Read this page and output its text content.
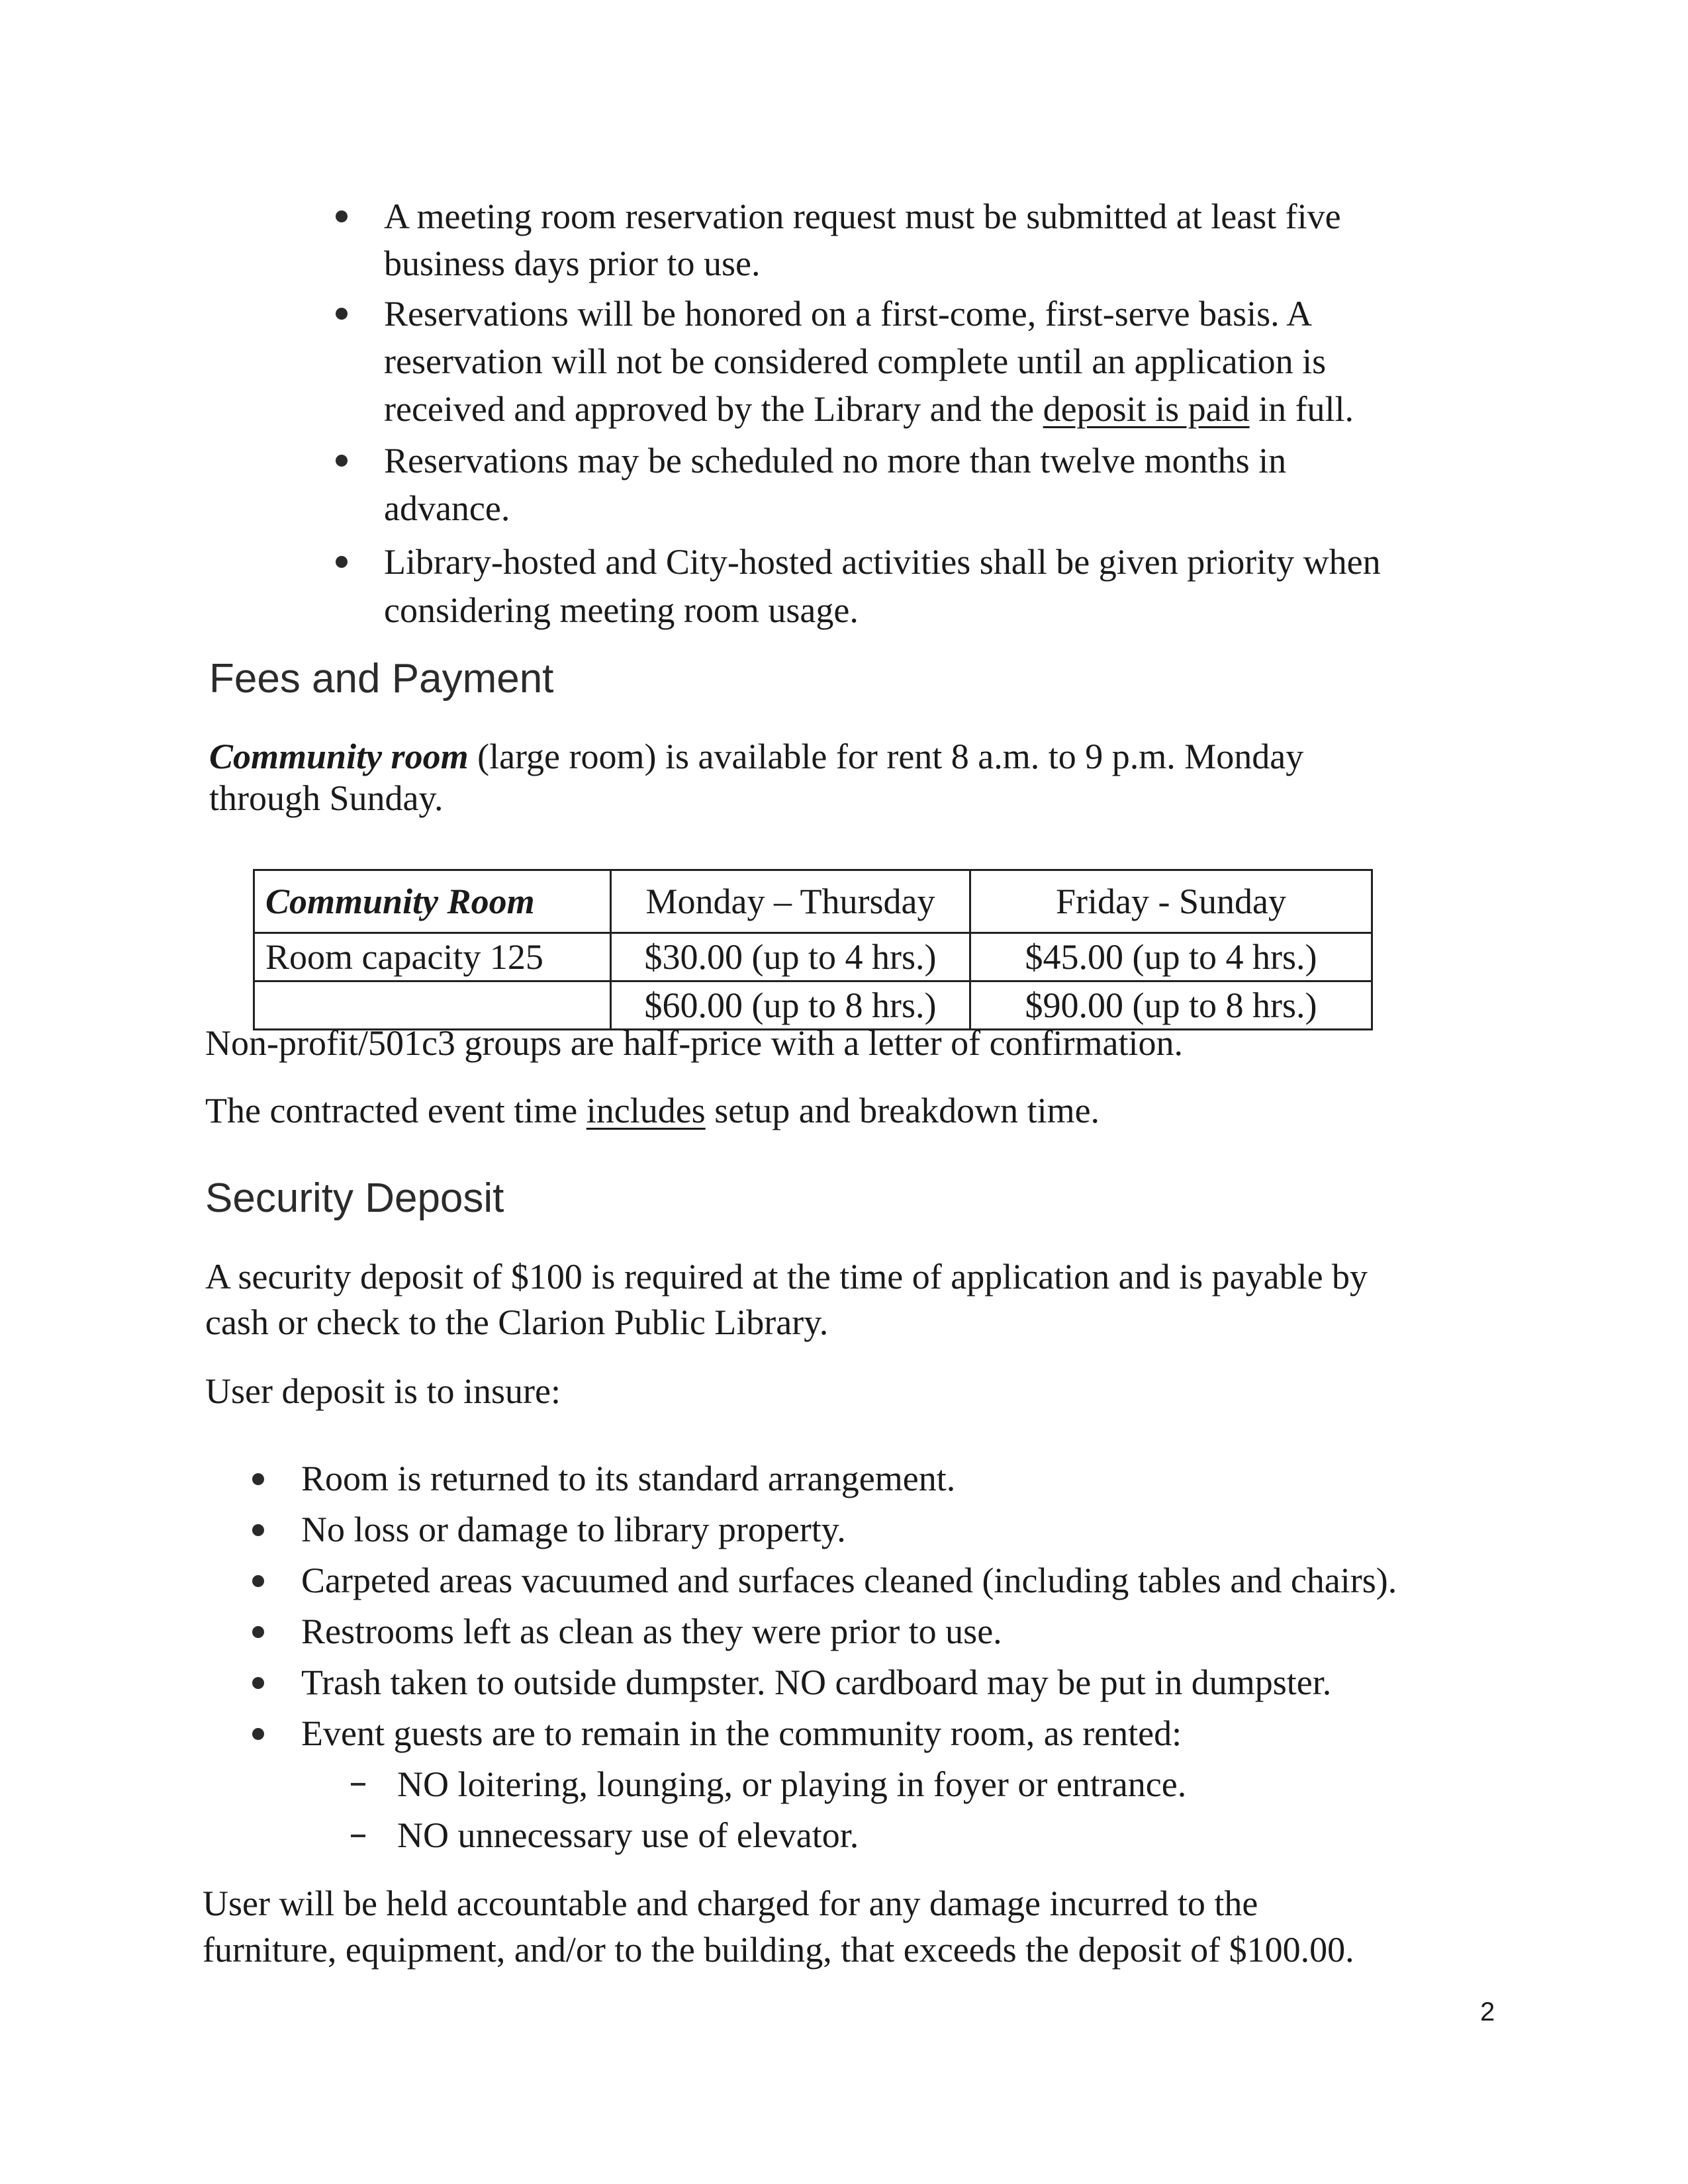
A meeting room reservation request must be submitted at least five
business days prior to use.
Reservations will be honored on a first-come, first-serve basis. A
reservation will not be considered complete until an application is
received and approved by the Library and the deposit is paid in full.
Reservations may be scheduled no more than twelve months in
advance.
Library-hosted and City-hosted activities shall be given priority when
considering meeting room usage.
Fees and Payment
Community room (large room) is available for rent 8 a.m. to 9 p.m. Monday
through Sunday.
Community Room	Monday – Thursday	Friday - Sunday
Room capacity 125	$30.00 (up to 4 hrs.)	$45.00 (up to 4 hrs.)
	$60.00 (up to 8 hrs.)	$90.00 (up to 8 hrs.)
Non-profit/501c3 groups are half-price with a letter of confirmation.
The contracted event time includes setup and breakdown time.
Security Deposit
A security deposit of $100 is required at the time of application and is payable by
cash or check to the Clarion Public Library.
User deposit is to insure:
Room is returned to its standard arrangement.
No loss or damage to library property.
Carpeted areas vacuumed and surfaces cleaned (including tables and chairs).
Restrooms left as clean as they were prior to use.
Trash taken to outside dumpster. NO cardboard may be put in dumpster.
Event guests are to remain in the community room, as rented:
NO loitering, lounging, or playing in foyer or entrance.
NO unnecessary use of elevator.
User will be held accountable and charged for any damage incurred to the
furniture, equipment, and/or to the building, that exceeds the deposit of $100.00.
2
